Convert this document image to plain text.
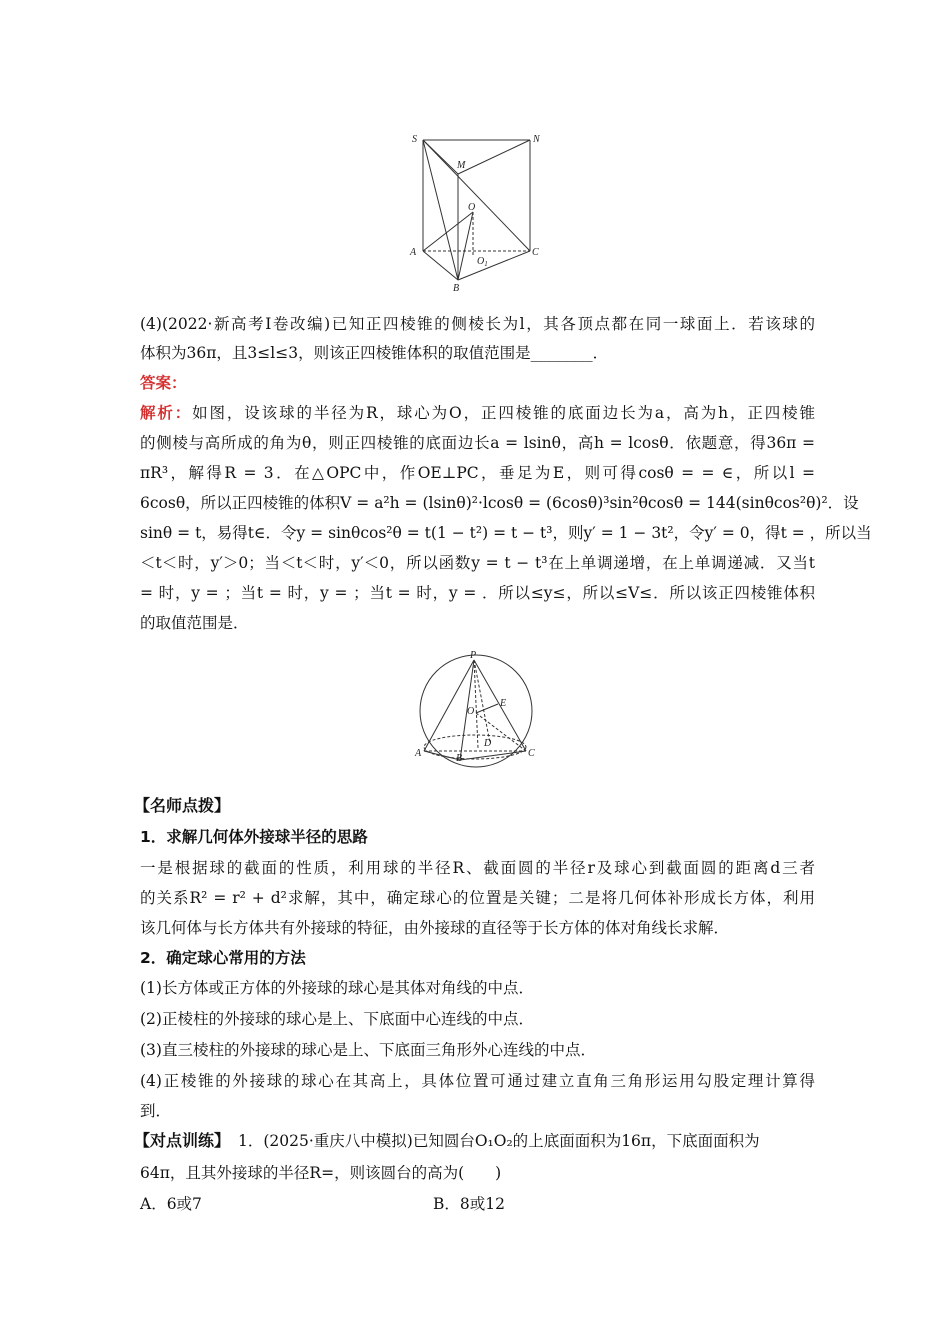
S	N
M
O
A	C
$O_1$
B
(4)(2022·新高考Ⅰ卷改编)已知正四棱锥的侧棱长为l，其各顶点都在同一球面上．若该球的
体积为36π，且3≤l≤3，则该正四棱锥体积的取值范围是________．
答案：
解析：如图，设该球的半径为R，球心为O，正四棱锥的底面边长为a，高为h，正四棱锥
的侧棱与高所成的角为θ，则正四棱锥的底面边长a = lsinθ，高h = lcosθ．依题意，得36π =
πR³，解得R = 3．在△OPC中，作OE⊥PC，垂足为E，则可得cosθ = = ∈，所以l =
6cosθ，所以正四棱锥的体积V = a²h = (lsinθ)²·lcosθ = (6cosθ)³sin²θcosθ = 144(sinθcos²θ)²．设
sinθ = t，易得t∈．令y = sinθcos²θ = t(1 − t²) = t − t³，则y′ = 1 − 3t²，令y′ = 0，得t = ，所以当
＜t＜时，y′＞0；当＜t＜时，y′＜0，所以函数y = t − t³在上单调递增，在上单调递减．又当t
= 时，y = ；当t = 时，y = ；当t = 时，y = ．所以≤y≤，所以≤V≤．所以该正四棱锥体积
的取值范围是．
P
E
O
D
A	B	C
【名师点拨】
1．求解几何体外接球半径的思路
一是根据球的截面的性质，利用球的半径R、截面圆的半径r及球心到截面圆的距离d三者
的关系R² = r² + d²求解，其中，确定球心的位置是关键；二是将几何体补形成长方体，利用
该几何体与长方体共有外接球的特征，由外接球的直径等于长方体的体对角线长求解．
2．确定球心常用的方法
(1)长方体或正方体的外接球的球心是其体对角线的中点．
(2)正棱柱的外接球的球心是上、下底面中心连线的中点．
(3)直三棱柱的外接球的球心是上、下底面三角形外心连线的中点．
(4)正棱锥的外接球的球心在其高上，具体位置可通过建立直角三角形运用勾股定理计算得
到．
【对点训练】 1．(2025·重庆八中模拟)已知圆台O₁O₂的上底面面积为16π，下底面面积为
64π，且其外接球的半径R=，则该圆台的高为(　　)
A．6或7	B．8或12
